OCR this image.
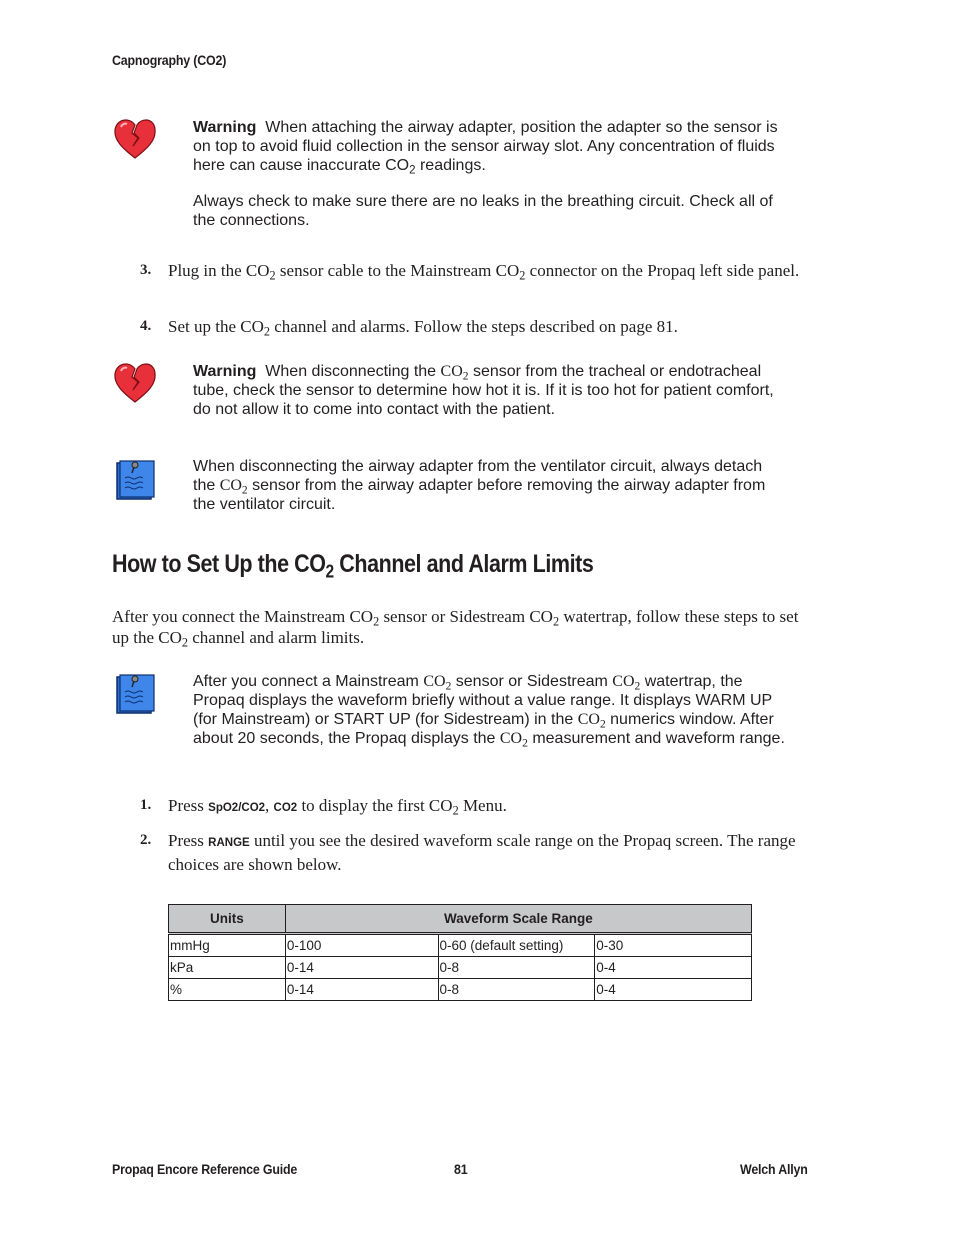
Capnography (CO2)
Warning When attaching the airway adapter, position the adapter so the sensor is on top to avoid fluid collection in the sensor airway slot. Any concentration of fluids here can cause inaccurate $CO_2$ readings.
Always check to make sure there are no leaks in the breathing circuit. Check all of the connections.
3. Plug in the $CO_2$ sensor cable to the Mainstream $CO_2$ connector on the Propaq left side panel.
4. Set up the $CO_2$ channel and alarms. Follow the steps described on page 81.
Warning When disconnecting the $CO_2$ sensor from the tracheal or endotracheal tube, check the sensor to determine how hot it is. If it is too hot for patient comfort, do not allow it to come into contact with the patient.
When disconnecting the airway adapter from the ventilator circuit, always detach the $CO_2$ sensor from the airway adapter before removing the airway adapter from the ventilator circuit.
How to Set Up the $CO_2$ Channel and Alarm Limits
After you connect the Mainstream $CO_2$ sensor or Sidestream $CO_2$ watertrap, follow these steps to set up the $CO_2$ channel and alarm limits.
After you connect a Mainstream $CO_2$ sensor or Sidestream $CO_2$ watertrap, the Propaq displays the waveform briefly without a value range. It displays WARM UP (for Mainstream) or START UP (for Sidestream) in the $CO_2$ numerics window. After about 20 seconds, the Propaq displays the $CO_2$ measurement and waveform range.
1. Press SpO2/CO2, CO2 to display the first $CO_2$ Menu.
2. Press RANGE until you see the desired waveform scale range on the Propaq screen. The range choices are shown below.
Units	Waveform Scale Range		
mmHg	0-100	0-60 (default setting)	0-30
kPa	0-14	0-8	0-4
%	0-14	0-8	0-4
Propaq Encore Reference Guide	81	Welch Allyn
